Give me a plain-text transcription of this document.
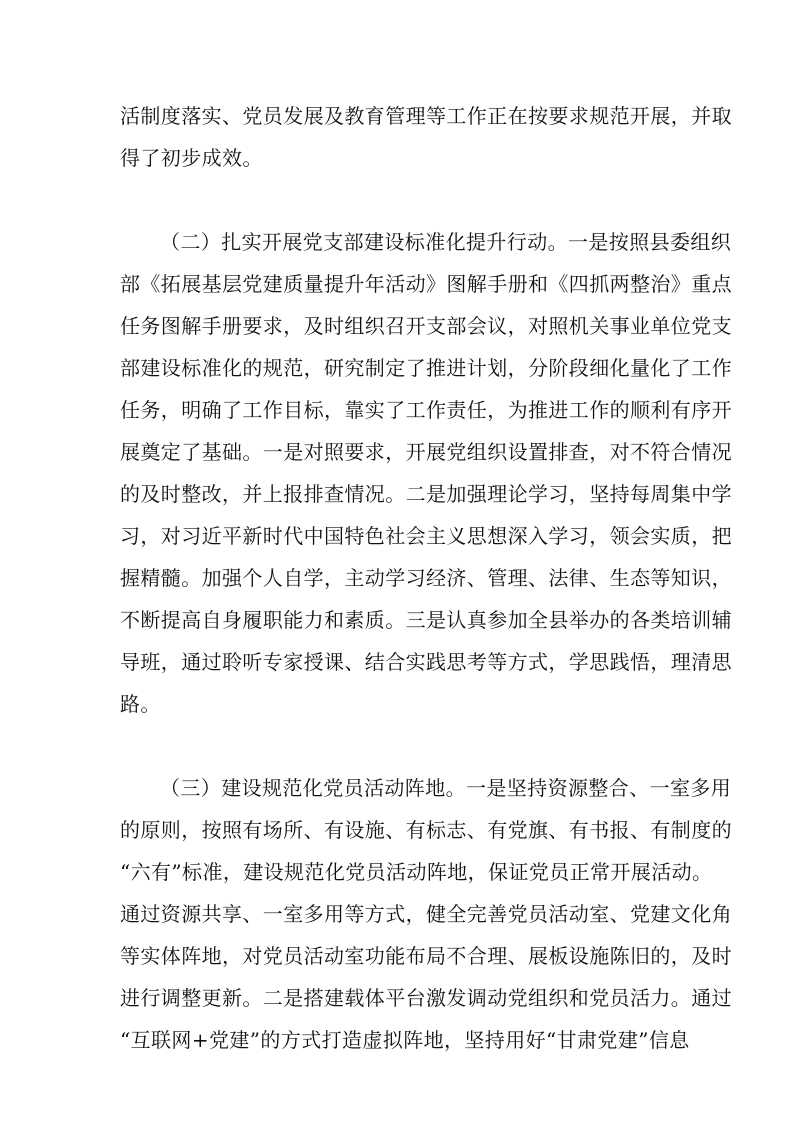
活制度落实、党员发展及教育管理等工作正在按要求规范开展，并取
得了初步成效。
（二）扎实开展党支部建设标准化提升行动。一是按照县委组织
部《拓展基层党建质量提升年活动》图解手册和《四抓两整治》重点
任务图解手册要求，及时组织召开支部会议，对照机关事业单位党支
部建设标准化的规范，研究制定了推进计划，分阶段细化量化了工作
任务，明确了工作目标，靠实了工作责任，为推进工作的顺利有序开
展奠定了基础。一是对照要求，开展党组织设置排查，对不符合情况
的及时整改，并上报排查情况。二是加强理论学习，坚持每周集中学
习，对习近平新时代中国特色社会主义思想深入学习，领会实质，把
握精髓。加强个人自学，主动学习经济、管理、法律、生态等知识，
不断提高自身履职能力和素质。三是认真参加全县举办的各类培训辅
导班，通过聆听专家授课、结合实践思考等方式，学思践悟，理清思
路。
（三）建设规范化党员活动阵地。一是坚持资源整合、一室多用
的原则，按照有场所、有设施、有标志、有党旗、有书报、有制度的
“六有”标准，建设规范化党员活动阵地，保证党员正常开展活动。
通过资源共享、一室多用等方式，健全完善党员活动室、党建文化角
等实体阵地，对党员活动室功能布局不合理、展板设施陈旧的，及时
进行调整更新。二是搭建载体平台激发调动党组织和党员活力。通过
“互联网+党建”的方式打造虚拟阵地，坚持用好“甘肃党建”信息
